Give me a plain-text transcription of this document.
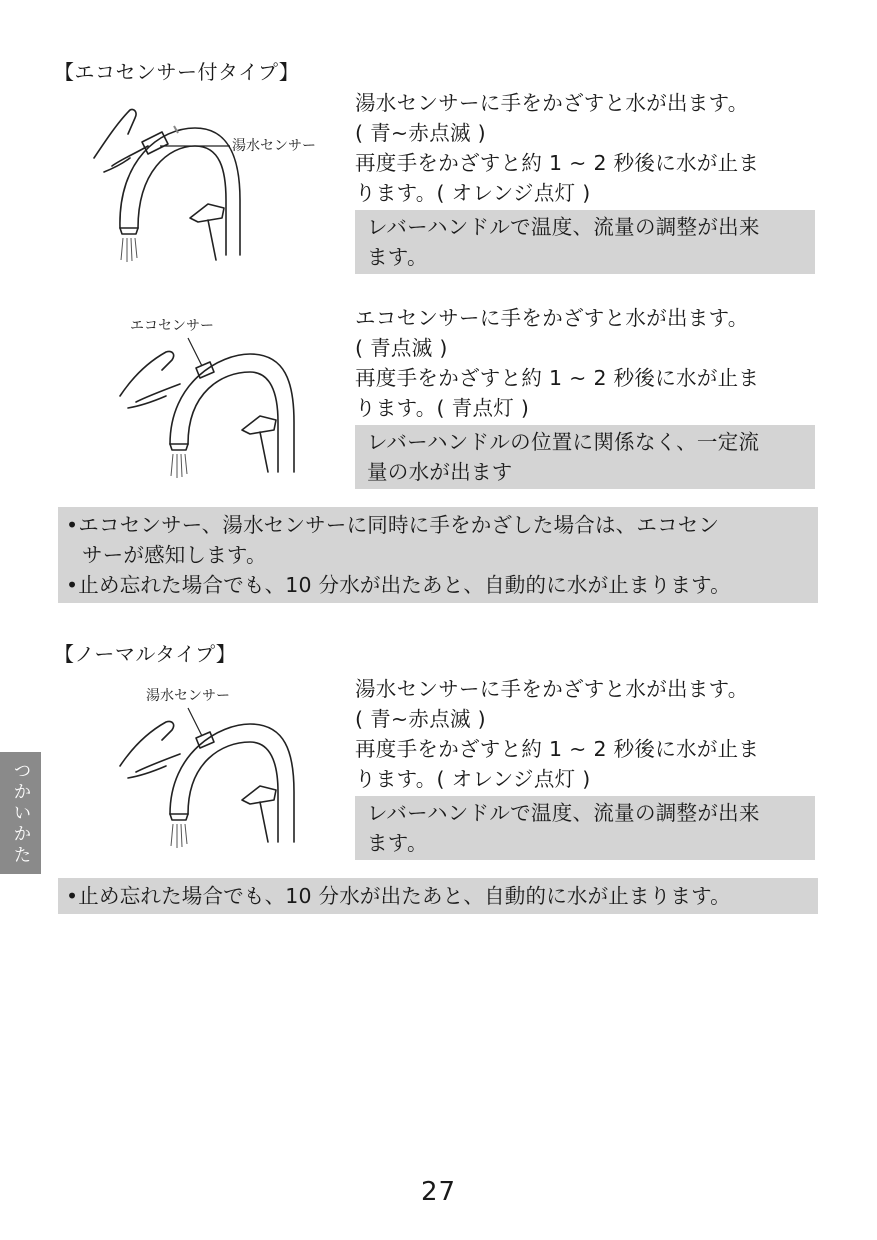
【エコセンサー付タイプ】
湯水センサー
湯水センサーに手をかざすと水が出ます。
( 青~赤点滅 )
再度手をかざすと約 1 ~ 2 秒後に水が止ま
ります。( オレンジ点灯 )
レバーハンドルで温度、流量の調整が出来
ます。
エコセンサー	エコセンサーに手をかざすと水が出ます。
( 青点滅 )
再度手をかざすと約 1 ~ 2 秒後に水が止ま
ります。( 青点灯 )
レバーハンドルの位置に関係なく、一定流
量の水が出ます
•エコセンサー、湯水センサーに同時に手をかざした場合は、エコセン
サーが感知します。
•止め忘れた場合でも、10 分水が出たあと、自動的に水が止まります。
【ノーマルタイプ】
湯水センサー	湯水センサーに手をかざすと水が出ます。
( 青~赤点滅 )
再度手をかざすと約 1 ~ 2 秒後に水が止ま
ります。( オレンジ点灯 )
レバーハンドルで温度、流量の調整が出来
ます。
•止め忘れた場合でも、10 分水が出たあと、自動的に水が止まります。
つかいかた
27
